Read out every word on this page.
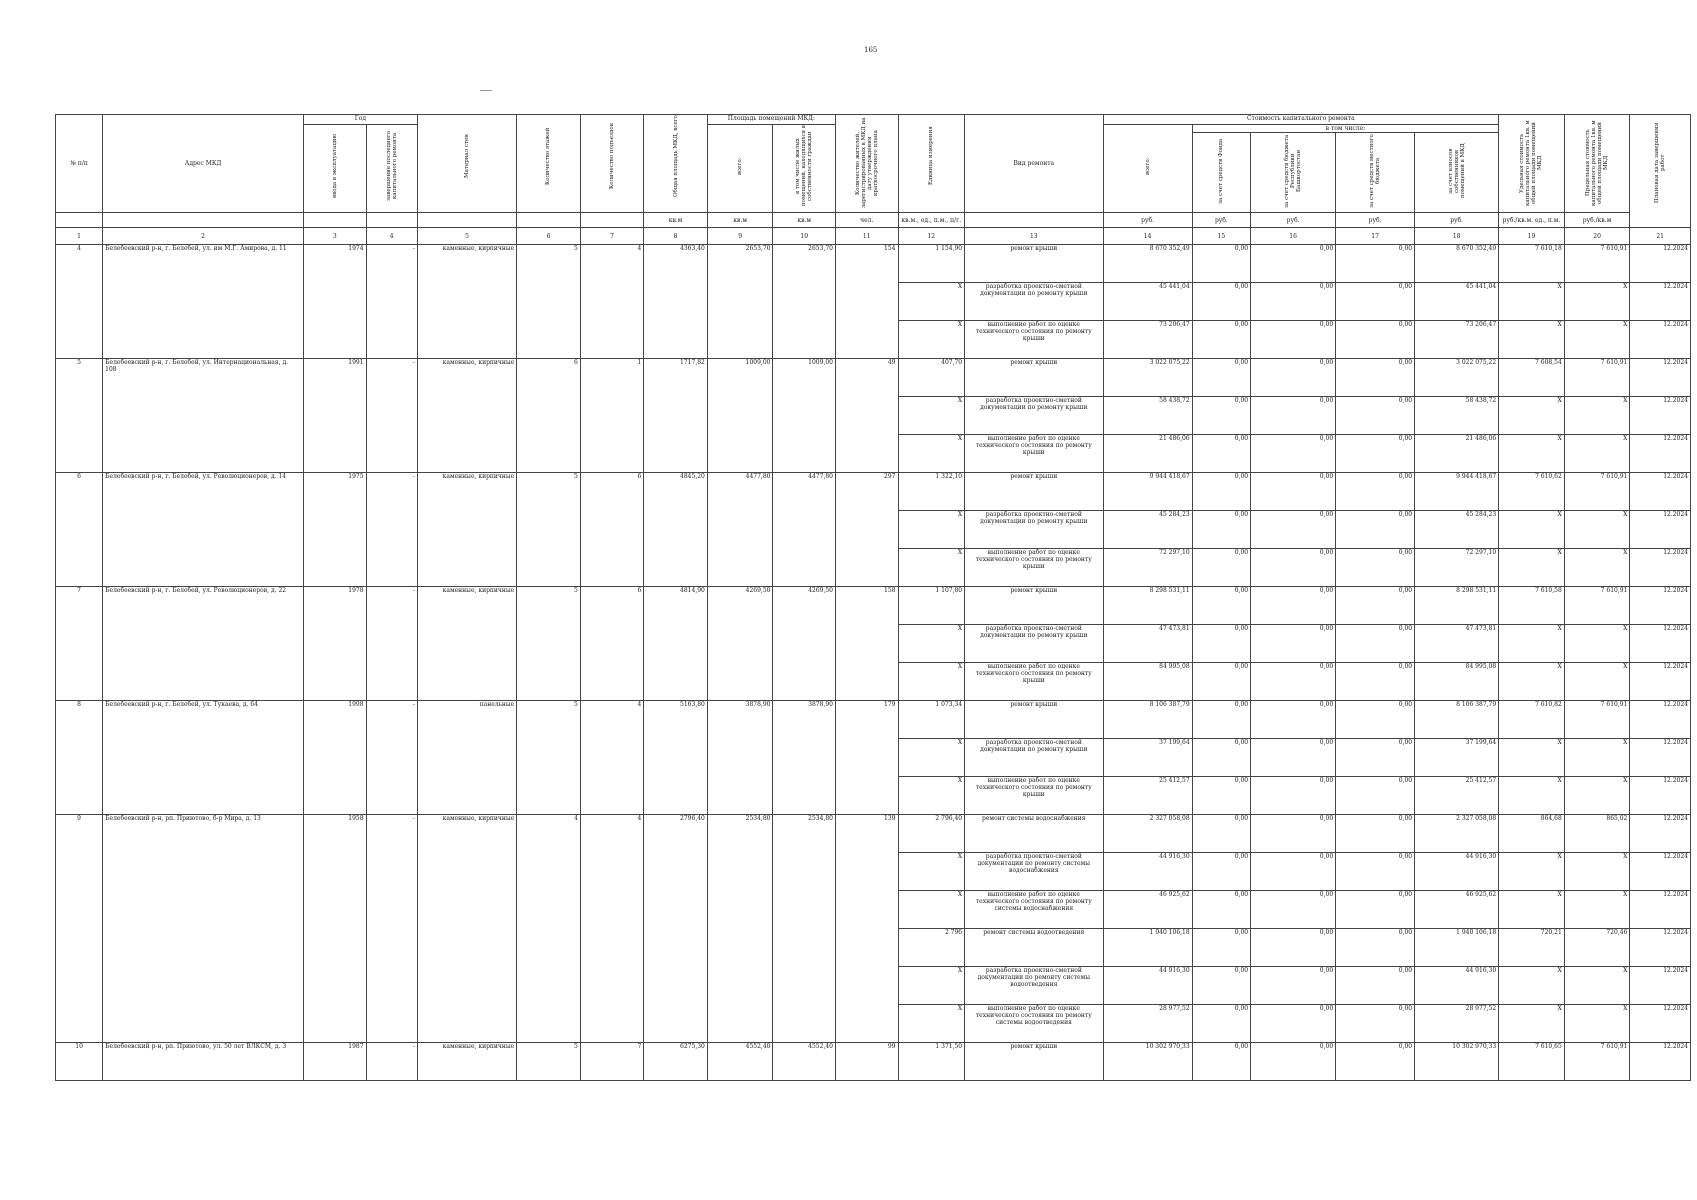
165
№ п/п	Адрес МКД	Год		Материал стен	Количество этажей	Количество подъездов	Общая площадь МКД, всего	Площадь помещений МКД:		Количество жителей, зарегистрированных в МКД на дату утверждения краткосрочного плана	Единица измерения	Вид ремонта	Стоимость капитального ремонта					Удельная стоимость капитального ремонта 1кв. м общей площади помещений МКД	Предельная стоимость капитального ремонта 1кв. м общей площади помещений МКД	Плановая дата завершения работ

		ввода в эксплуатацию	завершение последнего капитального ремонта					всего:	в том числе жилых помещений, находящихся в собственности граждан				всего:	в том числе:						

														за счет средств Фонда	за счет средств бюджета Республики Башкортостан	за счет средств местного бюджета	за счет взносов собственников помещений в МКД			

							кв.м	кв.м	кв.м	чел.	кв.м., ед., п.м., п/г.		руб.	руб.	руб.	руб.	руб.	руб./кв.м. ед., п.м.	руб./кв.м	
1	2	3	4	5	6	7	8	9	10	11	12	13	14	15	16	17	18	19	20	21
4	Белебеевский р-н, г. Белебей, ул. им М.Г. Амирова, д. 11	1974	-	каменные, кирпичные	5	4	4363,40	2653,70	2653,70	154	1 154,90	ремонт крыши	8 670 352,49	0,00	0,00	0,00	8 670 352,49	7 610,18	7 610,91	12.2024
											X	разработка проектно-сметной документации по ремонту крыши	45 441,04	0,00	0,00	0,00	45 441,04	X	X	12.2024
											X	выполнение работ по оценке технического состояния по ремонту крыши	73 206,47	0,00	0,00	0,00	73 206,47	X	X	12.2024
5	Белебеевский р-н, г. Белебей, ул. Интернациональная, д. 108	1991	-	каменные, кирпичные	6	1	1717,82	1009,00	1009,00	49	407,70	ремонт крыши	3 022 075,22	0,00	0,00	0,00	3 022 075,22	7 608,54	7 610,91	12.2024
											X	разработка проектно-сметной документации по ремонту крыши	58 438,72	0,00	0,00	0,00	58 438,72	X	X	12.2024
											X	выполнение работ по оценке технического состояния по ремонту крыши	21 486,06	0,00	0,00	0,00	21 486,06	X	X	12.2024
6	Белебеевский р-н, г. Белебей, ул. Революционеров, д. 14	1975	-	каменные, кирпичные	5	6	4845,20	4477,80	4477,80	297	1 322,10	ремонт крыши	9 944 418,67	0,00	0,00	0,00	9 944 418,67	7 610,62	7 610,91	12.2024
											X	разработка проектно-сметной документации по ремонту крыши	45 284,23	0,00	0,00	0,00	45 284,23	X	X	12.2024
											X	выполнение работ по оценке технического состояния по ремонту крыши	72 297,10	0,00	0,00	0,00	72 297,10	X	X	12.2024
7	Белебеевский р-н, г. Белебей, ул. Революционеров, д. 22	1978	-	каменные, кирпичные	5	6	4814,90	4269,50	4269,50	158	1 107,80	ремонт крыши	8 298 531,11	0,00	0,00	0,00	8 298 531,11	7 610,58	7 610,91	12.2024
											X	разработка проектно-сметной документации по ремонту крыши	47 473,81	0,00	0,00	0,00	47 473,81	X	X	12.2024
											X	выполнение работ по оценке технического состояния по ремонту крыши	84 995,08	0,00	0,00	0,00	84 995,08	X	X	12.2024
8	Белебеевский р-н, г. Белебей, ул. Тукаева, д. 64	1998	-	панельные	5	4	5163,80	3878,90	3878,90	179	1 073,34	ремонт крыши	8 106 387,79	0,00	0,00	0,00	8 106 387,79	7 610,82	7 610,91	12.2024
											X	разработка проектно-сметной документации по ремонту крыши	37 199,64	0,00	0,00	0,00	37 199,64	X	X	12.2024
											X	выполнение работ по оценке технического состояния по ремонту крыши	25 412,57	0,00	0,00	0,00	25 412,57	X	X	12.2024
9	Белебеевский р-н, рп. Приютово, б-р Мира, д. 13	1958	-	каменные, кирпичные	4	4	2796,40	2534,80	2534,80	139	2 796,40	ремонт системы водоснабжения	2 327 058,08	0,00	0,00	0,00	2 327 058,08	864,68	865,02	12.2024
											X	разработка проектно-сметной документации по ремонту системы водоснабжения	44 916,30	0,00	0,00	0,00	44 916,30	X	X	12.2024
											X	выполнение работ по оценке технического состояния по ремонту системы водоснабжения	46 925,62	0,00	0,00	0,00	46 925,62	X	X	12.2024
											2 796	ремонт системы водоотведения	1 940 106,18	0,00	0,00	0,00	1 940 106,18	720,21	720,46	12.2024
											X	разработка проектно-сметной документации по ремонту системы водоотведения	44 916,30	0,00	0,00	0,00	44 916,30	X	X	12.2024
											X	выполнение работ по оценке технического состояния по ремонту системы водоотведения	28 977,52	0,00	0,00	0,00	28 977,52	X	X	12.2024
10	Белебеевский р-н, рп. Приютово, ул. 50 лет ВЛКСМ, д. 3	1987	-	каменные, кирпичные	5	7	6275,30	4552,40	4552,40	99	1 371,50	ремонт крыши	10 302 970,33	0,00	0,00	0,00	10 302 970,33	7 610,65	7 610,91	12.2024
